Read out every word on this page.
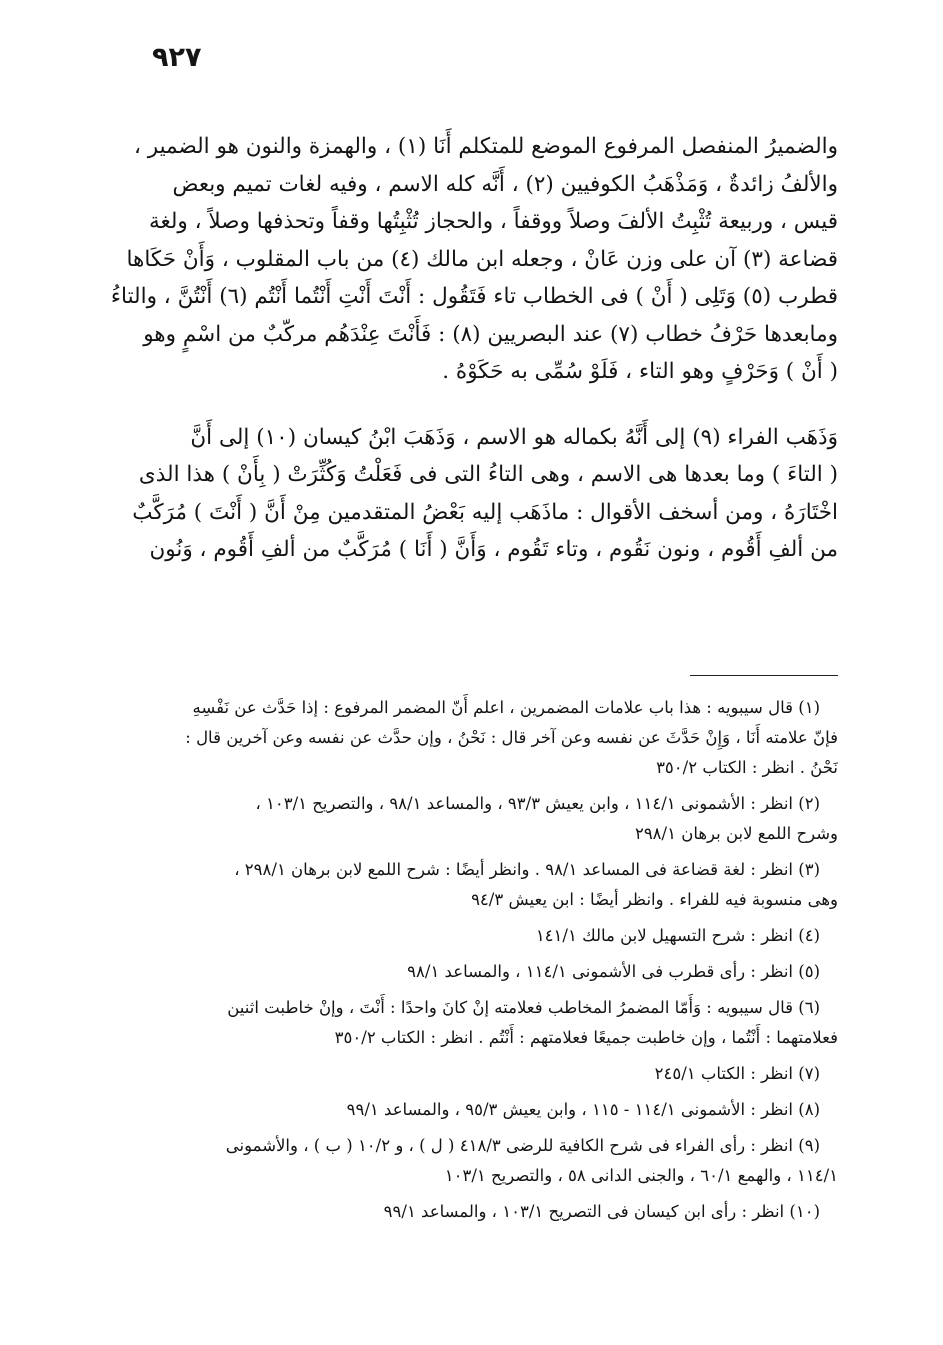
٩٢٧

والضميرُ المنفصل المرفوع الموضع للمتكلم أَنَا (١) ، والهمزة والنون هو الضمير ،
والألفُ زائدةٌ ، وَمَذْهَبُ الكوفيين (٢) ، أَنَّه كله الاسم ، وفيه لغات تميم وبعض
قيس ، وربيعة تُثْبِتُ الألفَ وصلاً ووقفاً ، والحجاز تُثْبِتُها وقفاً وتحذفها وصلاً ، ولغة
قضاعة (٣) آن على وزن عَانْ ، وجعله ابن مالك (٤) من باب المقلوب ، وَأَنْ حَكَاها
قطرب (٥) وَتَلِى ( أَنْ ) فى الخطاب تاء فَتَقُول : أَنْتَ أَنْتِ أَنْتُما أَنْتُم (٦) أَنْتُنَّ ، والتاءُ
ومابعدها حَرْفُ خطاب (٧) عند البصريين (٨) : فَأَنْتَ عِنْدَهُم مركّبٌ من اسْمٍ وهو
( أَنْ ) وَحَرْفٍ وهو التاء ، فَلَوْ سُمِّى به حَكَوْهُ .

وَذَهَب الفراء (٩) إلى أَنَّهُ بكماله هو الاسم ، وَذَهَبَ ابْنُ كيسان (١٠) إلى أَنَّ
( التاءَ ) وما بعدها هى الاسم ، وهى التاءُ التى فى فَعَلْتُ وَكُثِّرَتْ ( بِأَنْ ) هذا الذى
اخْتَارَهُ ، ومن أسخف الأقوال : ماذَهَب إليه بَعْضُ المتقدمين مِنْ أَنَّ ( أَنْتَ ) مُرَكَّبٌ
من ألفِ أَقُوم ، ونون نَقُوم ، وتاء تَقُوم ، وَأَنَّ ( أَنَا ) مُرَكَّبٌ من ألفِ أَقُوم ، وَنُون

(١) قال سيبويه : هذا باب علامات المضمرين ، اعلم أَنّ المضمر المرفوع : إذا حَدَّث عن نَفْسِهِ
فإنّ علامته أَنَا ، وَإِنْ حَدَّثَ عن نفسه وعن آخر قال : نَحْنُ ، وإن حدَّث عن نفسه وعن آخرين قال :
نَحْنُ . انظر : الكتاب ٣٥٠/٢
(٢) انظر : الأشمونى ١١٤/١ ، وابن يعيش ٩٣/٣ ، والمساعد ٩٨/١ ، والتصريح ١٠٣/١ ،
وشرح اللمع لابن برهان ٢٩٨/١
(٣) انظر : لغة قضاعة فى المساعد ٩٨/١ . وانظر أيضًا : شرح اللمع لابن برهان ٢٩٨/١ ،
وهى منسوبة فيه للفراء . وانظر أيضًا : ابن يعيش ٩٤/٣
(٤) انظر : شرح التسهيل لابن مالك ١٤١/١
(٥) انظر : رأى قطرب فى الأشمونى ١١٤/١ ، والمساعد ٩٨/١
(٦) قال سيبويه : وَأَمّا المضمرُ المخاطب فعلامته إنْ كانَ واحدًا : أَنْتَ ، وإنْ خاطبت اثنين
فعلامتهما : أَنْتُما ، وإن خاطبت جميعًا فعلامتهم : أَنْتُم . انظر : الكتاب ٣٥٠/٢
(٧) انظر : الكتاب ٢٤٥/١
(٨) انظر : الأشمونى ١١٤/١ - ١١٥ ، وابن يعيش ٩٥/٣ ، والمساعد ٩٩/١
(٩) انظر : رأى الفراء فى شرح الكافية للرضى ٤١٨/٣ ( ل ) ، و ١٠/٢ ( ب ) ، والأشمونى
١١٤/١ ، والهمع ٦٠/١ ، والجنى الدانى ٥٨ ، والتصريح ١٠٣/١
(١٠) انظر : رأى ابن كيسان فى التصريح ١٠٣/١ ، والمساعد ٩٩/١
